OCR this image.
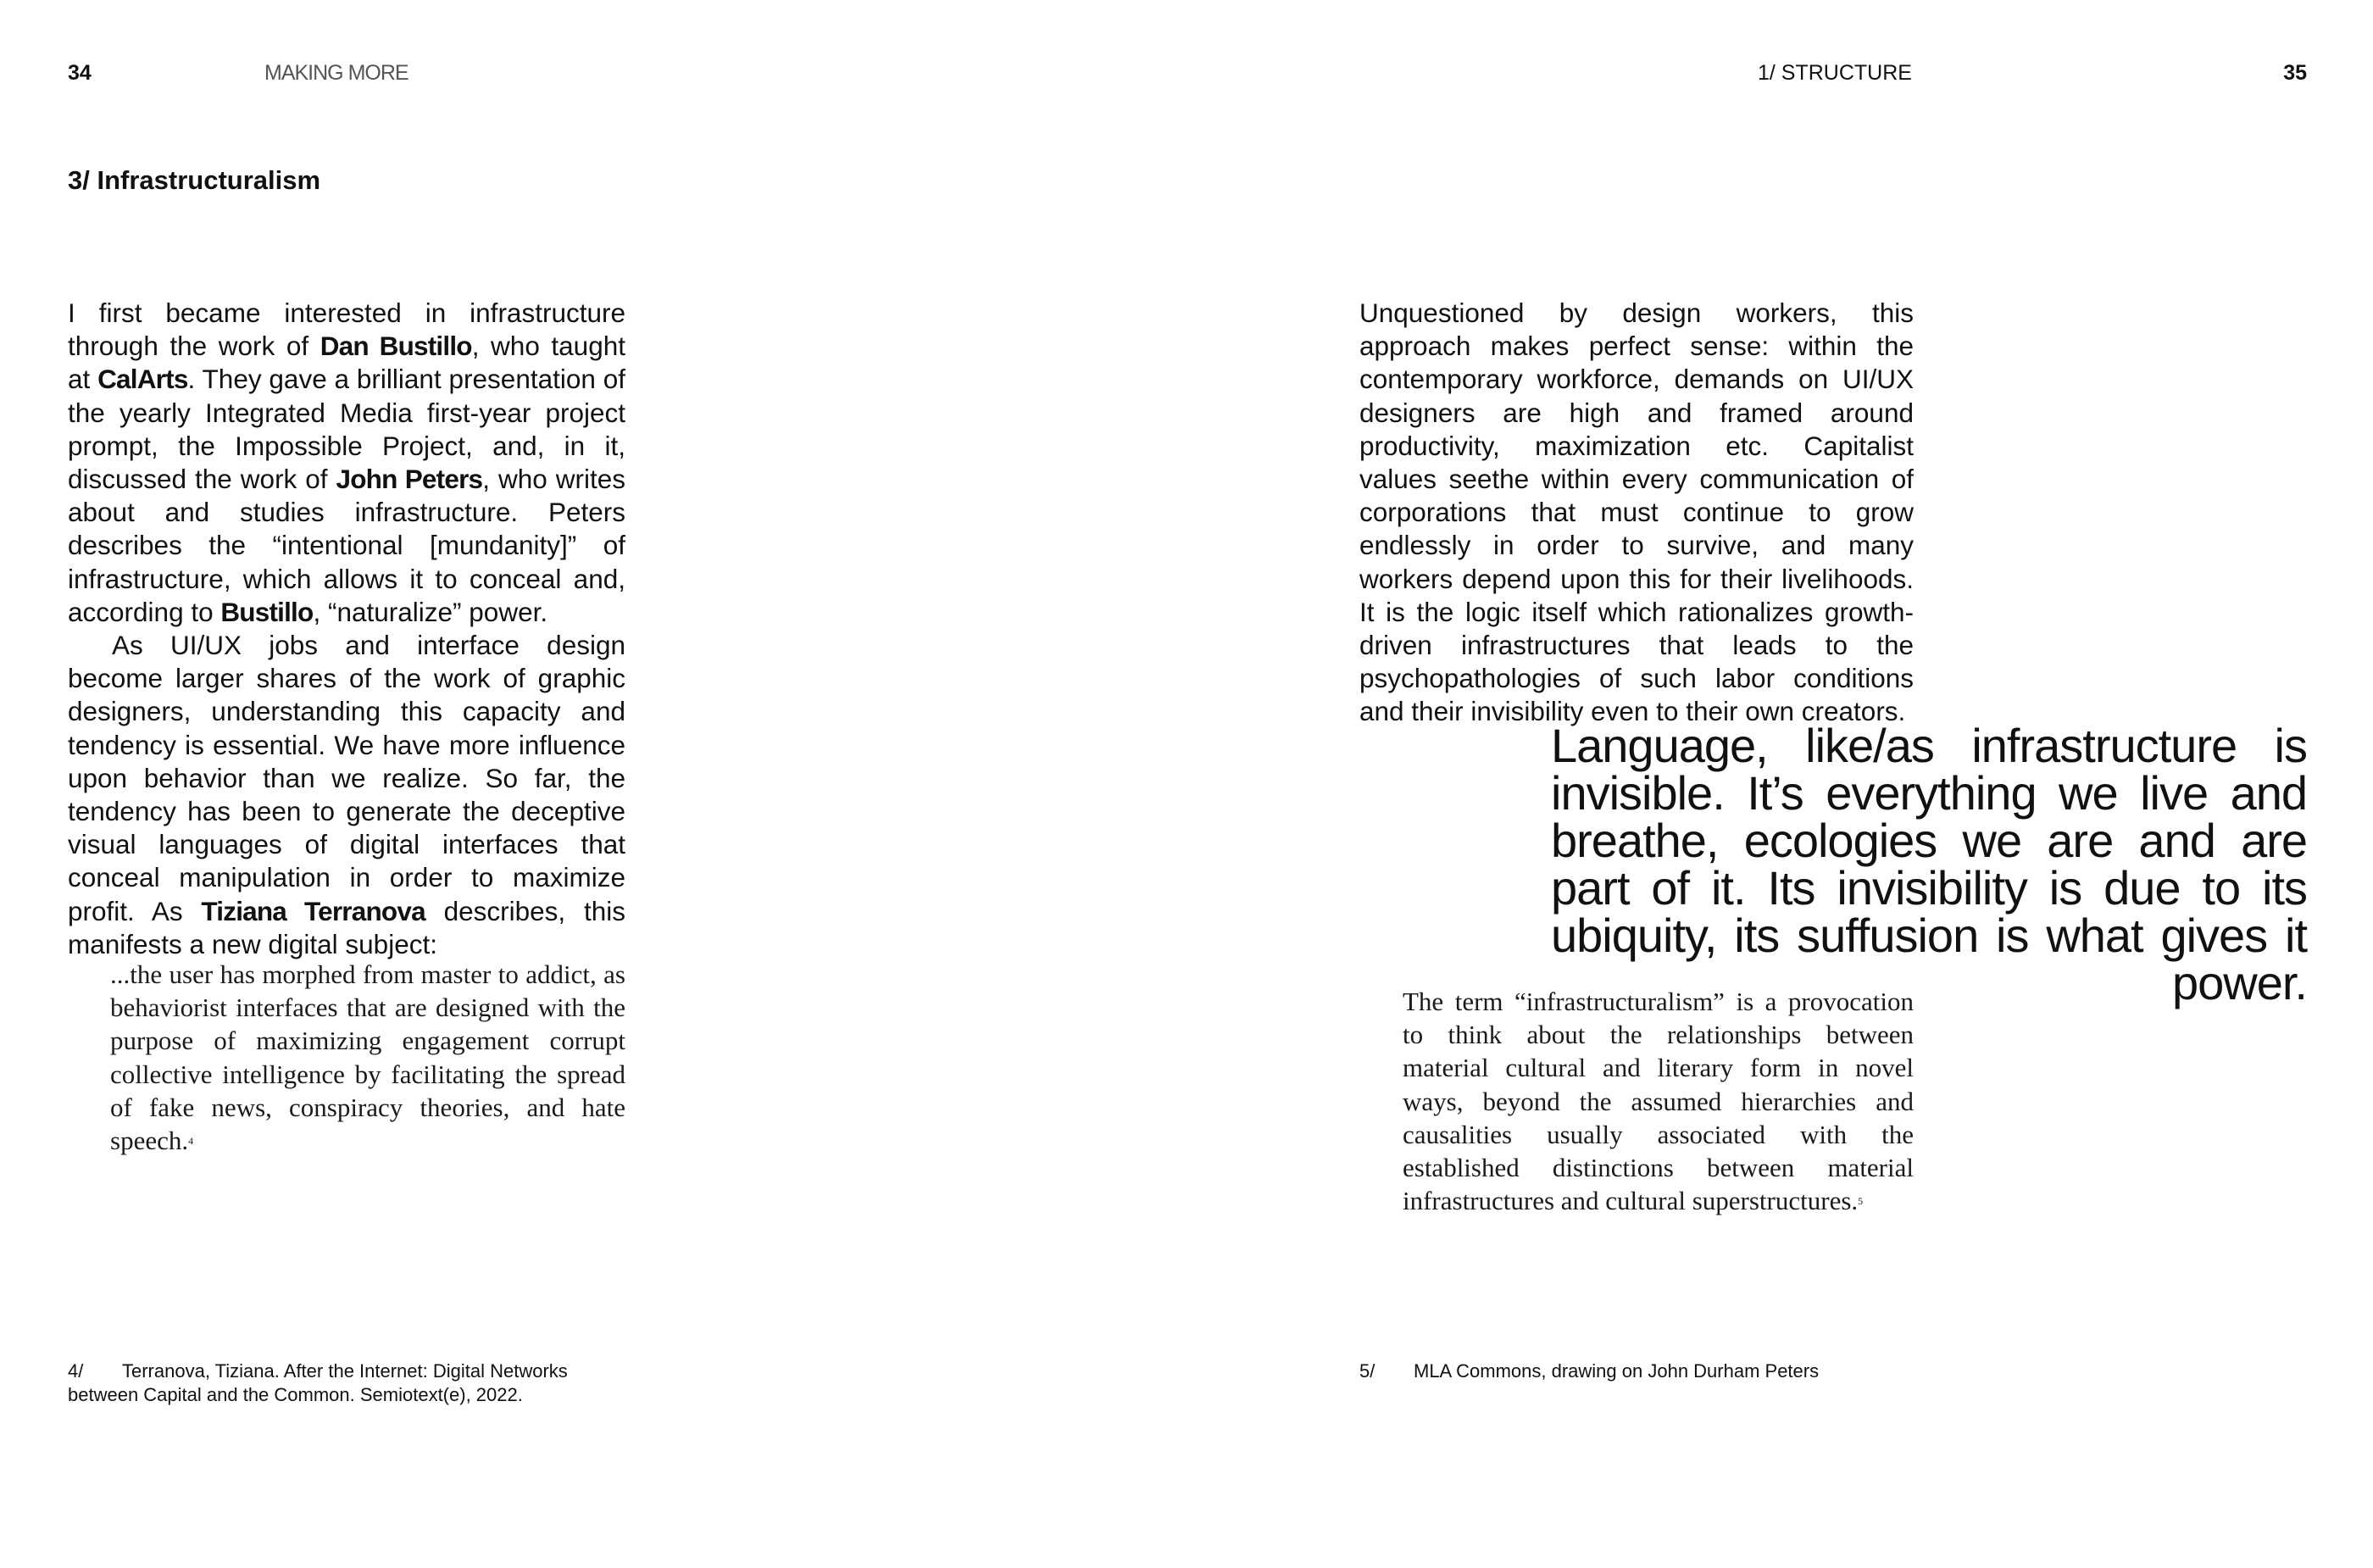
34	MAKING MORE
3/ Infrastructuralism

I first became interested in infrastructure through the work of Dan Bustillo, who taught at CalArts. They gave a brilliant presentation of the yearly Integrated Media first-year project prompt, the Impossible Project, and, in it, discussed the work of John Peters, who writes about and studies infrastructure. Peters describes the “intentional [mundanity]” of infrastructure, which allows it to conceal and, according to Bustillo, “naturalize” power.

As UI/UX jobs and interface design become larger shares of the work of graphic designers, understanding this capacity and tendency is essential. We have more influence upon behavior than we realize. So far, the tendency has been to generate the deceptive visual languages of digital interfaces that conceal manipulation in order to maximize profit. As Tiziana Terranova describes, this manifests a new digital subject:

...the user has morphed from master to addict, as behaviorist interfaces that are designed with the purpose of maximizing engagement corrupt collective intelligence by facilitating the spread of fake news, conspiracy theories, and hate speech.$^4$
4/ Terranova, Tiziana. After the Internet: Digital Networks
between Capital and the Common. Semiotext(e), 2022.
1/ STRUCTURE	35

Unquestioned by design workers, this approach makes perfect sense: within the contemporary workforce, demands on UI/UX designers are high and framed around productivity, maximization etc. Capitalist values seethe within every communication of corporations that must continue to grow endlessly in order to survive, and many workers depend upon this for their livelihoods. It is the logic itself which rationalizes growth-driven infrastructures that leads to the psychopathologies of such labor conditions and their invisibility even to their own creators.

Language, like/as infrastructure is invisible. It’s everything we live and breathe, ecologies we are and are part of it. Its invisibility is due to its ubiquity, its suffusion is what gives it power.

The term “infrastructuralism” is a provocation to think about the relationships between material cultural and literary form in novel ways, beyond the assumed hierarchies and causalities usually associated with the established distinctions between material infrastructures and cultural superstructures.$^5$
5/ MLA Commons, drawing on John Durham Peters
